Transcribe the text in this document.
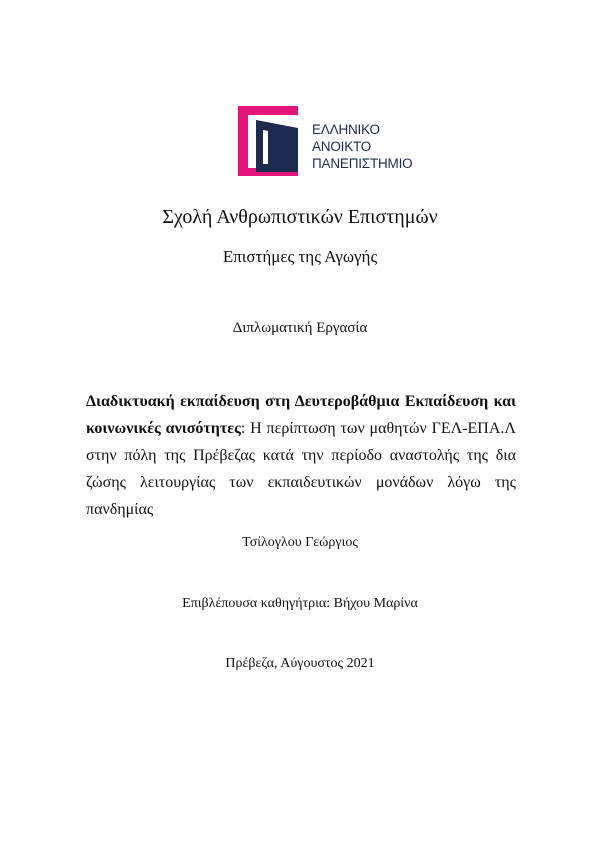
ΕΛΛΗΝΙΚΟ
ΑΝΟΙΚΤΟ
ΠΑΝΕΠΙΣΤΗΜΙΟ
Σχολή Ανθρωπιστικών Επιστημών
Επιστήμες της Αγωγής
Διπλωματική Εργασία
Διαδικτυακή εκπαίδευση στη Δευτεροβάθμια Εκπαίδευση και κοινωνικές ανισότητες: Η περίπτωση των μαθητών ΓΕΛ-ΕΠΑ.Λ στην πόλη της Πρέβεζας κατά την περίοδο αναστολής της δια ζώσης λειτουργίας των εκπαιδευτικών μονάδων λόγω της πανδημίας
Τσίλογλου Γεώργιος
Επιβλέπουσα καθηγήτρια: Βήχου Μαρίνα
Πρέβεζα, Αύγουστος 2021
